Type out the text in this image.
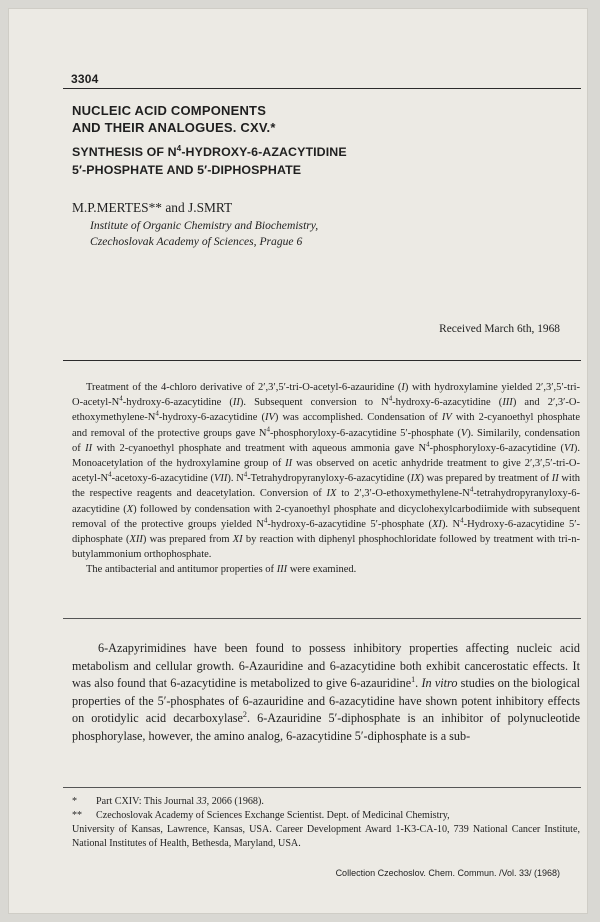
3304
NUCLEIC ACID COMPONENTS
AND THEIR ANALOGUES. CXV.*
SYNTHESIS OF $N^4-HYDROXY-6$-AZACYTIDINE
5′-PHOSPHATE AND 5′-DIPHOSPHATE
M.P.MERTES** and J.SMRT
Institute of Organic Chemistry and Biochemistry,
Czechoslovak Academy of Sciences, Prague 6
Received March 6th, 1968
Treatment of the 4-chloro derivative of 2′,3′,5′-tri-O-acetyl-6-azauridine (I) with hydroxylamine yielded $2',3',5'-tri-O-acetyl-N^4-hydroxy-6$-azacytidine (II). Subsequent conversion to $N^4-hydroxy-6$-azacytidine (III) and $2',3'-O-ethoxymethylene-N^4-hydroxy-6$-azacytidine (IV) was accomplished. Condensation of IV with 2-cyanoethyl phosphate and removal of the protective groups gave $N^4-phosphoryloxy-6$-azacytidine 5′-phosphate (V). Similarily, condensation of II with 2-cyanoethyl phosphate and treatment with aqueous ammonia gave $N^4-phosphoryloxy-6$-azacytidine (VI). Monoacetylation of the hydroxylamine group of II was observed on acetic anhydride treatment to give $2',3',5'-tri-O-acetyl-N^4-acetoxy-6$-azacytidine (VII). $N^4-Tetrahydropyranyloxy-6$-azacytidine (IX) was prepared by treatment of II with the respective reagents and deacetylation. Conversion of IX to $2',3'-O-ethoxymethylene-N^4-tetrahydropyranyloxy-6$-azacytidine (X) followed by condensation with 2-cyanoethyl phosphate and dicyclohexylcarbodiimide with subsequent removal of the protective groups yielded $N^4-hydroxy-6$-azacytidine 5′-phosphate (XI). $N^4-Hydroxy-6$-azacytidine 5′-diphosphate (XII) was prepared from XI by reaction with diphenyl phosphochloridate followed by treatment with tri-n-butylammonium orthophosphate.
The antibacterial and antitumor properties of III were examined.
6-Azapyrimidines have been found to possess inhibitory properties affecting nucleic acid metabolism and cellular growth. 6-Azauridine and 6-azacytidine both exhibit cancerostatic effects. It was also found that 6-azacytidine is metabolized to give 6-azauridine$^1$. In vitro studies on the biological properties of the 5′-phosphates of 6-azauridine and 6-azacytidine have shown potent inhibitory effects on orotidylic acid decarboxylase$^2$. 6-Azauridine 5′-diphosphate is an inhibitor of polynucleotide phosphorylase, however, the amino analog, 6-azacytidine 5′-diphosphate is a sub-
*	Part CXIV: This Journal 33, 2066 (1968).
**	Czechoslovak Academy of Sciences Exchange Scientist. Dept. of Medicinal Chemistry,
University of Kansas, Lawrence, Kansas, USA. Career Development Award 1-K3-CA-10, 739 National Cancer Institute, National Institutes of Health, Bethesda, Maryland, USA.
Collection Czechoslov. Chem. Commun. /Vol. 33/ (1968)
